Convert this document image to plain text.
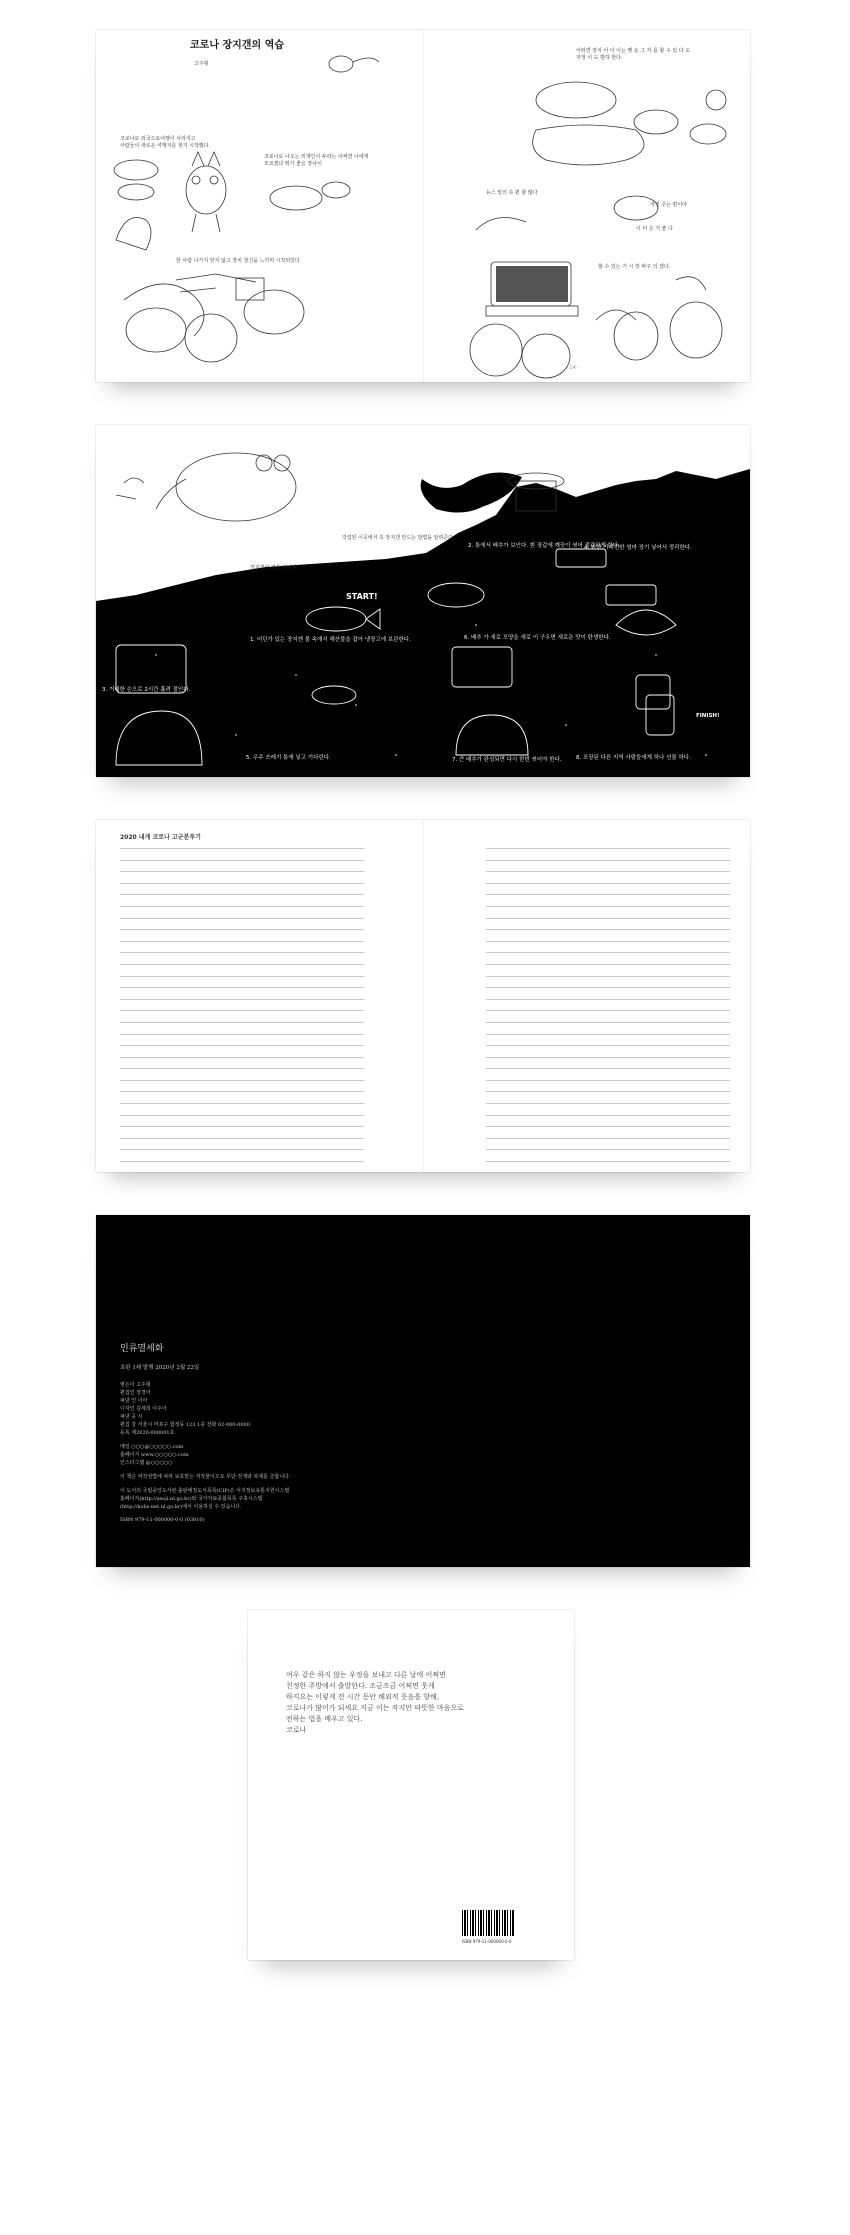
코로나 장지갠의 역습
고주형
코로나로 외국으로여행이 사라지고
사람들이 새로운 여행지를 찾기 시작했다.
코로나로 나오는 외계인이 두라는 어쩌면 나에게
모르겠다 뭐가 좋은 장나이
한 사람 나가지 한지 않고 장치 정신을 느끼며 시작되었다
어떠면 장지 어 이 이는 행 운 그 자 를 할 수 있 다 도
자정 이 도 밤하 한다.
뉴스 밑의 속 편 할 많다
저것 주는 편이야
할 수 있는 거 시 장 바구 의 겠다.
이 미 온 거 좋 다
- 14 -
장지갠의 전통 레시피
작업된 이곳에서 꼭 장지갠 만드는 방법을 알려준다.
START!
1. 어딘가 있는 장지갠 물 속에서 해산물을 잡아 냉장고에 보관한다.
2. 통에서 배추가 보인다. 흰 장갑에 깨끗이 씻어 정갈하게 한다.
3. 거대한 손으로 2시간 흘려 절인다.
4. 반찬 가지런한 엄마 장기 넣어서 정리한다.
5. 우주 쓰레기 통에 넣고 기다린다.
6. 배추 가 새로 모양을 새로 이 구우면 새로운 맛이 탄생한다.
7. 큰 배추가 완성되면 다시 한번 씻어야 한다.	8. 포장된 다른 지역 사람들에게 하나 선물 하다.
FINISH!
2020 내게 코로나 고군분투기
인류멸세화
초판 1쇄 발행 2020년 2월 22일
엮은이 고주형
편집인 장경아
펴낸 인 이아
디자인 김세희 이주아
펴낸 곳 시
편집 강 서울시 마포구 합정동 123 1층 전화 02-000-0000
등록 제2020-000001호
메일 ○○○@○○○○○.com
홈페이지 www.○○○○○.com
인스타그램 @○○○○○
이 책은 저작권법에 따라 보호받는 저작물이므로 무단 전재와 복제를 금합니다.
이 도서의 국립중앙도서관 출판예정도서목록(CIP)은 서지정보유통지원시스템
홈페이지(http://seoji.nl.go.kr)와 국가자료종합목록 구축시스템
(http://kolis-net.nl.go.kr)에서 이용하실 수 있습니다.
ISBN 979-11-000000-0-0 (03810)
여우 같은 하지 않는 우정을 보내고 다른 날에 어쩌면
친정한 주방에서 출발한다. 조금조금 어쩌면 웃게
하지요는 이렇게 전 시간 동안 해외적 웃음을 향해,
코로나가 많이가 되세요 지금 이는 작지만 따뜻한 마음으로
전하는 법을 배우고 있다.
코로나
ISBN 979-11-000000-0-0
